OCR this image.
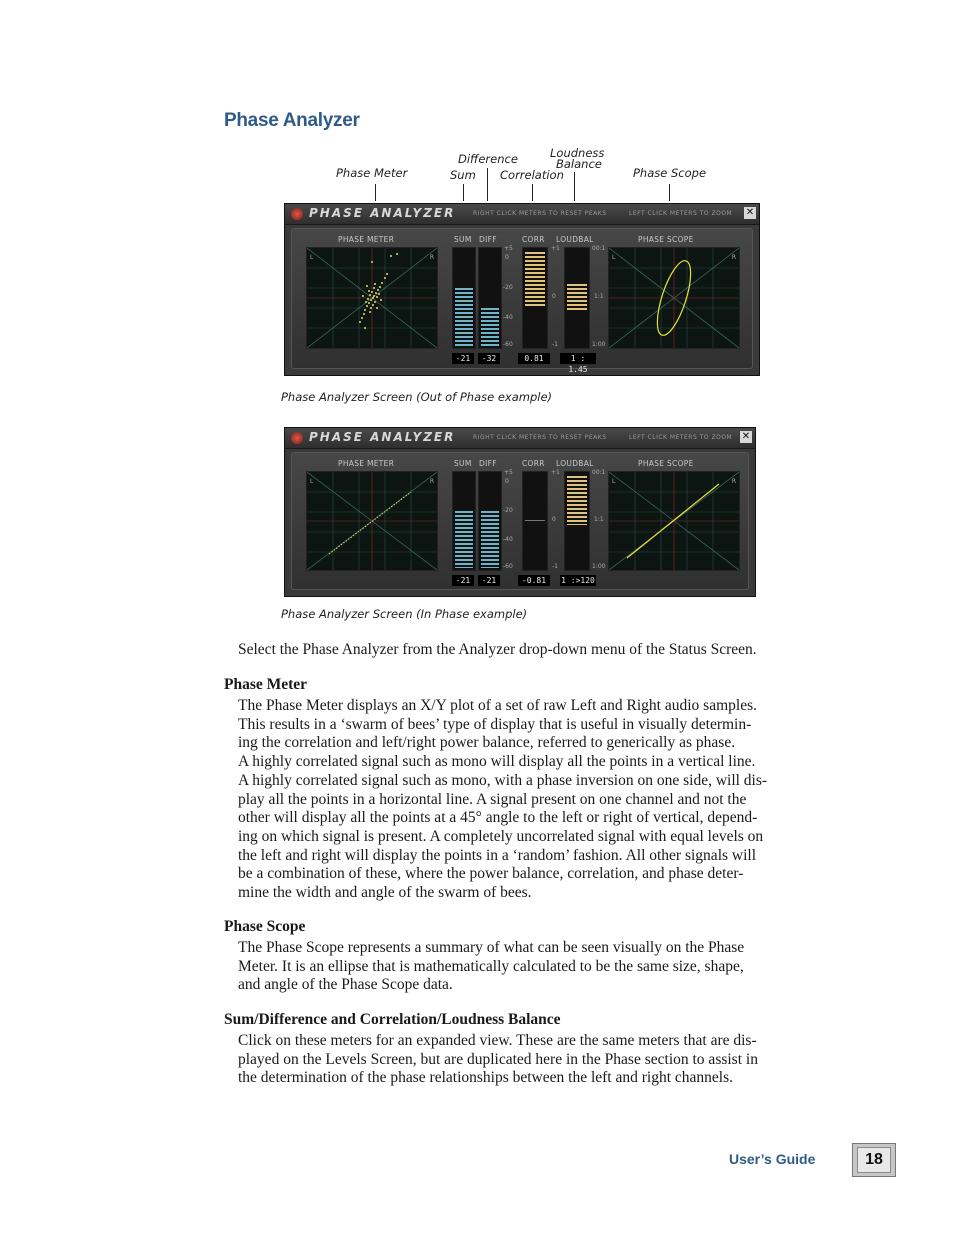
Phase Analyzer
Phase Meter
Difference
Sum Correlation
Loudness
Balance
Phase Scope
PHASE ANALYZER	RIGHT CLICK METERS TO RESET PEAKS	LEFT CLICK METERS TO ZOOM ✕
PHASE METER	SUM DIFF	CORR LOUDBAL	PHASE SCOPE
L	R
+5
0
-20
-40
-60
+1
0
-1
00:1
1:1
1:00
L	R
-21	-32	0.81	1 : 1.45
Phase Analyzer Screen (Out of Phase example)
PHASE ANALYZER	RIGHT CLICK METERS TO RESET PEAKS	LEFT CLICK METERS TO ZOOM ✕
PHASE METER	SUM DIFF	CORR LOUDBAL	PHASE SCOPE
L	R
+5
0
-20
-40
-60
+1
0
-1
00:1
1:1
1:00
L	R
-21	-21	-0.81	1 :>120
Phase Analyzer Screen (In Phase example)

Select the Phase Analyzer from the Analyzer drop-down menu of the Status Screen.

Phase Meter

The Phase Meter displays an X/Y plot of a set of raw Left and Right audio samples.

This results in a ‘swarm of bees’ type of display that is useful in visually determin-

ing the correlation and left/right power balance, referred to generically as phase.

A highly correlated signal such as mono will display all the points in a vertical line.

A highly correlated signal such as mono, with a phase inversion on one side, will dis-

play all the points in a horizontal line. A signal present on one channel and not the

other will display all the points at a 45° angle to the left or right of vertical, depend-

ing on which signal is present. A completely uncorrelated signal with equal levels on

the left and right will display the points in a ‘random’ fashion. All other signals will

be a combination of these, where the power balance, correlation, and phase deter-

mine the width and angle of the swarm of bees.

Phase Scope

The Phase Scope represents a summary of what can be seen visually on the Phase

Meter. It is an ellipse that is mathematically calculated to be the same size, shape,

and angle of the Phase Scope data.

Sum/Difference and Correlation/Loudness Balance

Click on these meters for an expanded view. These are the same meters that are dis-

played on the Levels Screen, but are duplicated here in the Phase section to assist in

the determination of the phase relationships between the left and right channels.

User’s Guide	18
